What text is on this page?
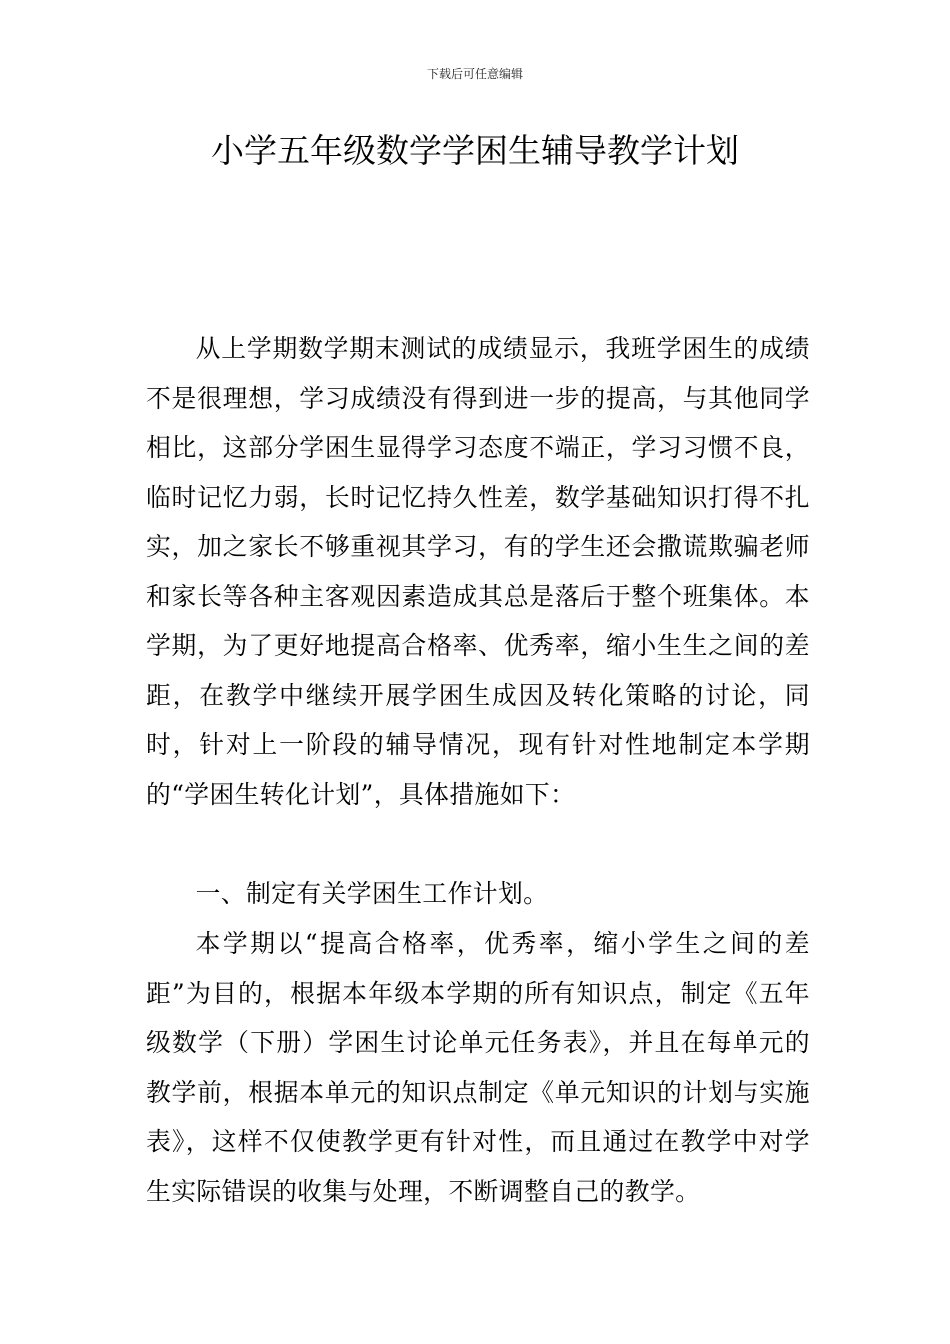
下载后可任意编辑
小学五年级数学学困生辅导教学计划

从上学期数学期末测试的成绩显示，我班学困生的成绩不是很理想，学习成绩没有得到进一步的提高，与其他同学相比，这部分学困生显得学习态度不端正，学习习惯不良，临时记忆力弱，长时记忆持久性差，数学基础知识打得不扎实，加之家长不够重视其学习，有的学生还会撒谎欺骗老师和家长等各种主客观因素造成其总是落后于整个班集体。本学期，为了更好地提高合格率、优秀率，缩小生生之间的差距，在教学中继续开展学困生成因及转化策略的讨论，同时，针对上一阶段的辅导情况，现有针对性地制定本学期的“学困生转化计划”，具体措施如下：

一、制定有关学困生工作计划。

本学期以“提高合格率，优秀率，缩小学生之间的差距”为目的，根据本年级本学期的所有知识点，制定《五年级数学（下册）学困生讨论单元任务表》，并且在每单元的教学前，根据本单元的知识点制定《单元知识的计划与实施表》，这样不仅使教学更有针对性，而且通过在教学中对学生实际错误的收集与处理，不断调整自己的教学。
